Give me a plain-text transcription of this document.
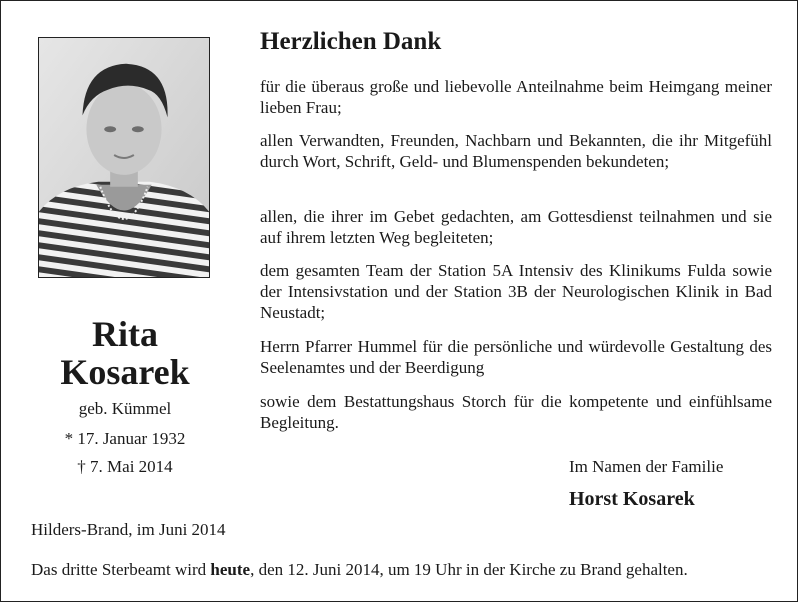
Rita
Kosarek
geb. Kümmel
* 17. Januar 1932
† 7. Mai 2014
Herzlichen Dank

für die überaus große und liebevolle Anteilnahme beim Heimgang meiner lieben Frau;

allen Verwandten, Freunden, Nachbarn und Bekannten, die ihr Mitgefühl durch Wort, Schrift, Geld- und Blumenspenden bekundeten;

allen, die ihrer im Gebet gedachten, am Gottesdienst teilnahmen und sie auf ihrem letzten Weg begleiteten;

dem gesamten Team der Station 5A Intensiv des Klinikums Fulda sowie der Intensivstation und der Station 3B der Neurologischen Klinik in Bad Neustadt;

Herrn Pfarrer Hummel für die persönliche und würdevolle Gestaltung des Seelenamtes und der Beerdigung

sowie dem Bestattungshaus Storch für die kompetente und einfühlsame Begleitung.

Im Namen der Familie
Horst Kosarek
Hilders-Brand, im Juni 2014
Das dritte Sterbeamt wird heute, den 12. Juni 2014, um 19 Uhr in der Kirche zu Brand gehalten.
